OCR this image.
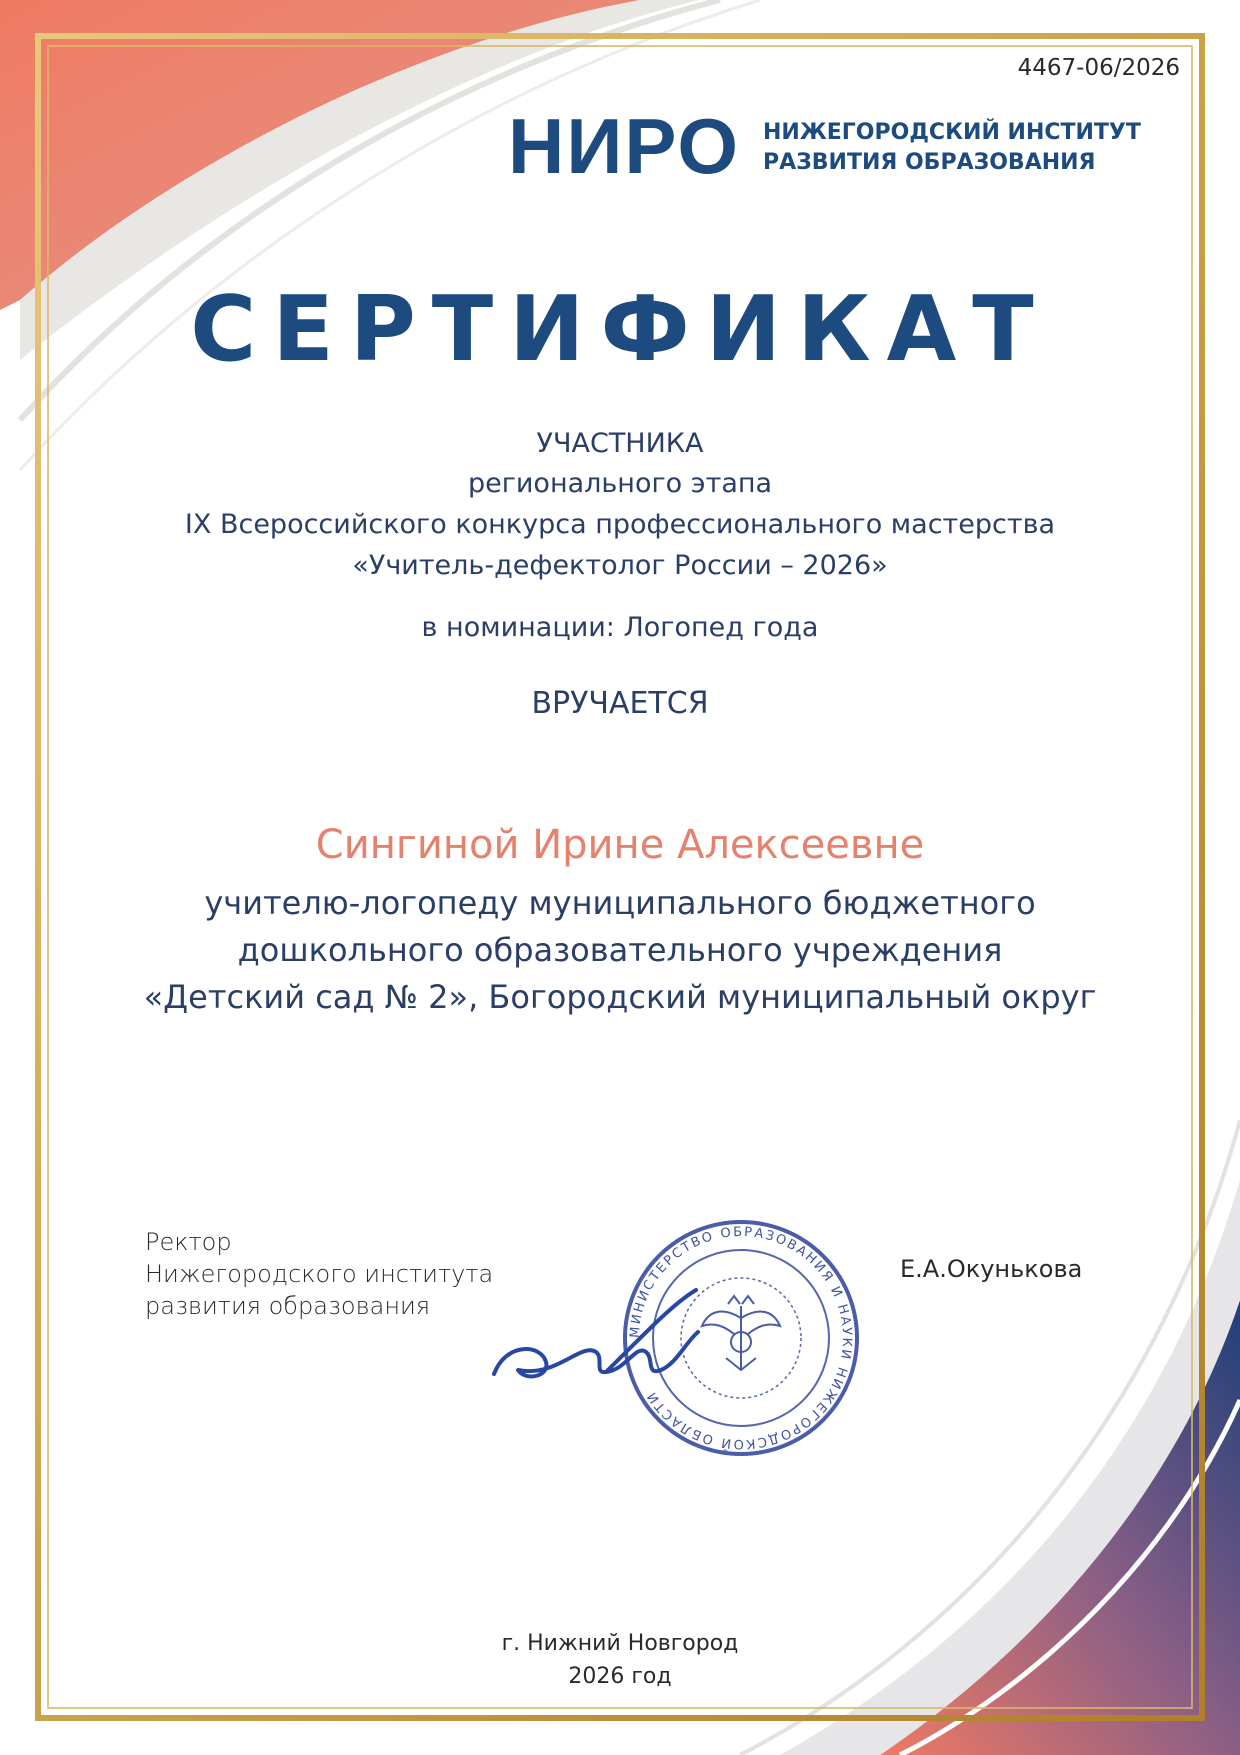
4467-06/2026
НИРО НИЖЕГОРОДСКИЙ ИНСТИТУТ
РАЗВИТИЯ ОБРАЗОВАНИЯ
СЕРТИФИКАТ
УЧАСТНИКА
регионального этапа
IX Всероссийского конкурса профессионального мастерства
«Учитель-дефектолог России – 2026»
в номинации: Логопед года
ВРУЧАЕТСЯ
Сингиной Ирине Алексеевне
учителю-логопеду муниципального бюджетного
дошкольного образовательного учреждения
«Детский сад № 2», Богородский муниципальный округ
Ректор
Нижегородского института
развития образования
МИНИСТЕРСТВО ОБРАЗОВАНИЯ И НАУКИ НИЖЕГОРОДСКОЙ ОБЛАСТИ
Е.А.Окунькова
г. Нижний Новгород
2026 год
